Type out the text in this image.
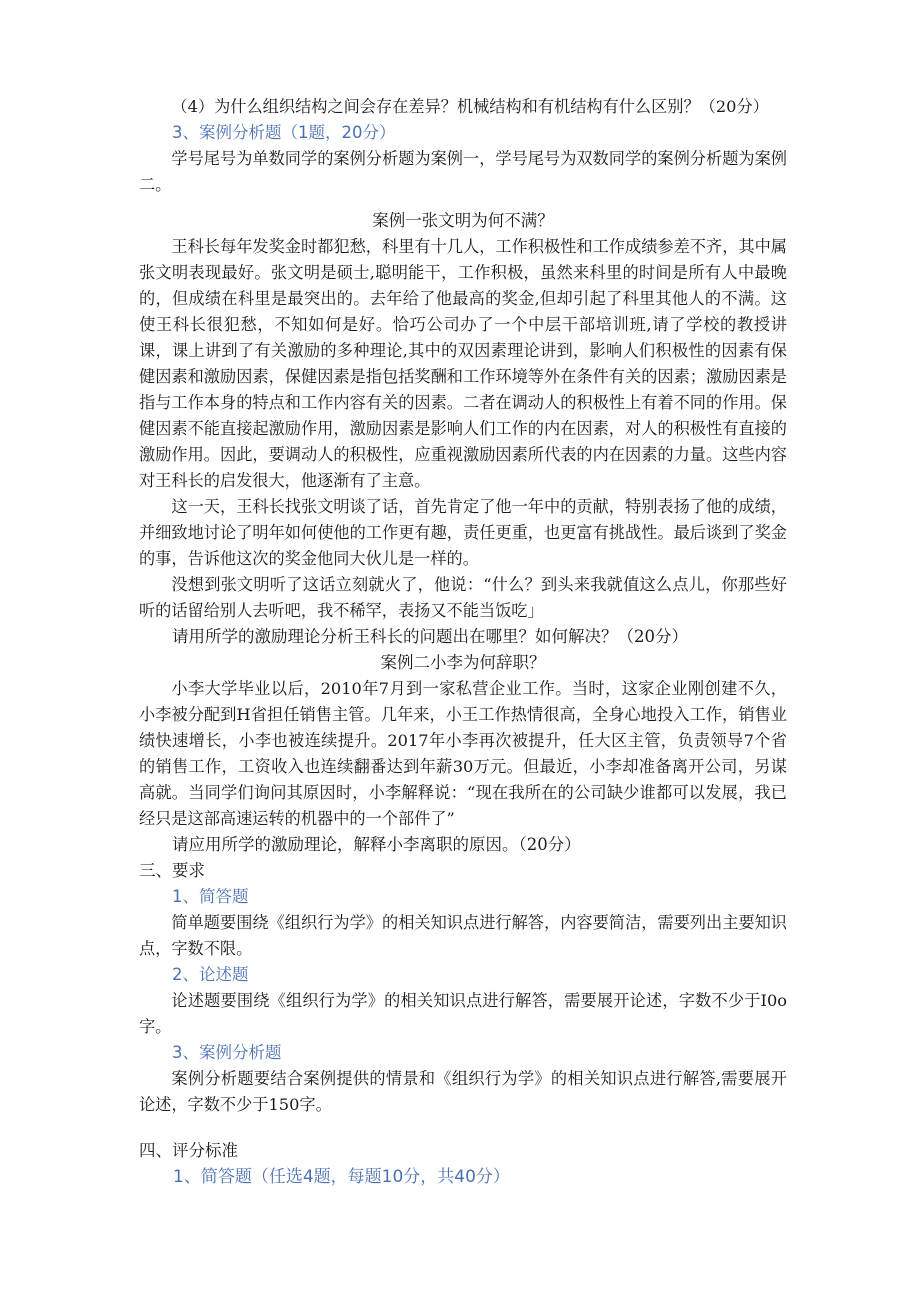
（4）为什么组织结构之间会存在差异？机械结构和有机结构有什么区别？（20分）

3、案例分析题（1题，20分）

学号尾号为单数同学的案例分析题为案例一，学号尾号为双数同学的案例分析题为案例二。

案例一张文明为何不满？

王科长每年发奖金时都犯愁，科里有十几人，工作积极性和工作成绩参差不齐，其中属张文明表现最好。张文明是硕士,聪明能干，工作积极，虽然来科里的时间是所有人中最晚的，但成绩在科里是最突出的。去年给了他最高的奖金,但却引起了科里其他人的不满。这使王科长很犯愁，不知如何是好。恰巧公司办了一个中层干部培训班,请了学校的教授讲课，课上讲到了有关激励的多种理论,其中的双因素理论讲到，影响人们积极性的因素有保健因素和激励因素，保健因素是指包括奖酬和工作环境等外在条件有关的因素；激励因素是指与工作本身的特点和工作内容有关的因素。二者在调动人的积极性上有着不同的作用。保健因素不能直接起激励作用，激励因素是影响人们工作的内在因素，对人的积极性有直接的激励作用。因此，要调动人的积极性，应重视激励因素所代表的内在因素的力量。这些内容对王科长的启发很大，他逐渐有了主意。

这一天，王科长找张文明谈了话，首先肯定了他一年中的贡献，特别表扬了他的成绩，并细致地讨论了明年如何使他的工作更有趣，责任更重，也更富有挑战性。最后谈到了奖金的事，告诉他这次的奖金他同大伙儿是一样的。

没想到张文明听了这话立刻就火了，他说：“什么？到头来我就值这么点儿，你那些好听的话留给别人去听吧，我不稀罕，表扬又不能当饭吃」

请用所学的激励理论分析王科长的问题出在哪里？如何解决？（20分）

案例二小李为何辞职？

小李大学毕业以后，2010年7月到一家私营企业工作。当时，这家企业刚创建不久，小李被分配到H省担任销售主管。几年来，小王工作热情很高，全身心地投入工作，销售业绩快速增长，小李也被连续提升。2017年小李再次被提升，任大区主管，负责领导7个省的销售工作，工资收入也连续翻番达到年薪30万元。但最近，小李却准备离开公司，另谋高就。当同学们询问其原因时，小李解释说：“现在我所在的公司缺少谁都可以发展，我已经只是这部高速运转的机器中的一个部件了”

请应用所学的激励理论，解释小李离职的原因。（20分）

三、要求

1、简答题

简单题要围绕《组织行为学》的相关知识点进行解答，内容要简洁，需要列出主要知识点，字数不限。

2、论述题

论述题要围绕《组织行为学》的相关知识点进行解答，需要展开论述，字数不少于I0o字。

3、案例分析题

案例分析题要结合案例提供的情景和《组织行为学》的相关知识点进行解答,需要展开论述，字数不少于150字。

四、评分标准

1、简答题（任选4题，每题10分，共40分）
